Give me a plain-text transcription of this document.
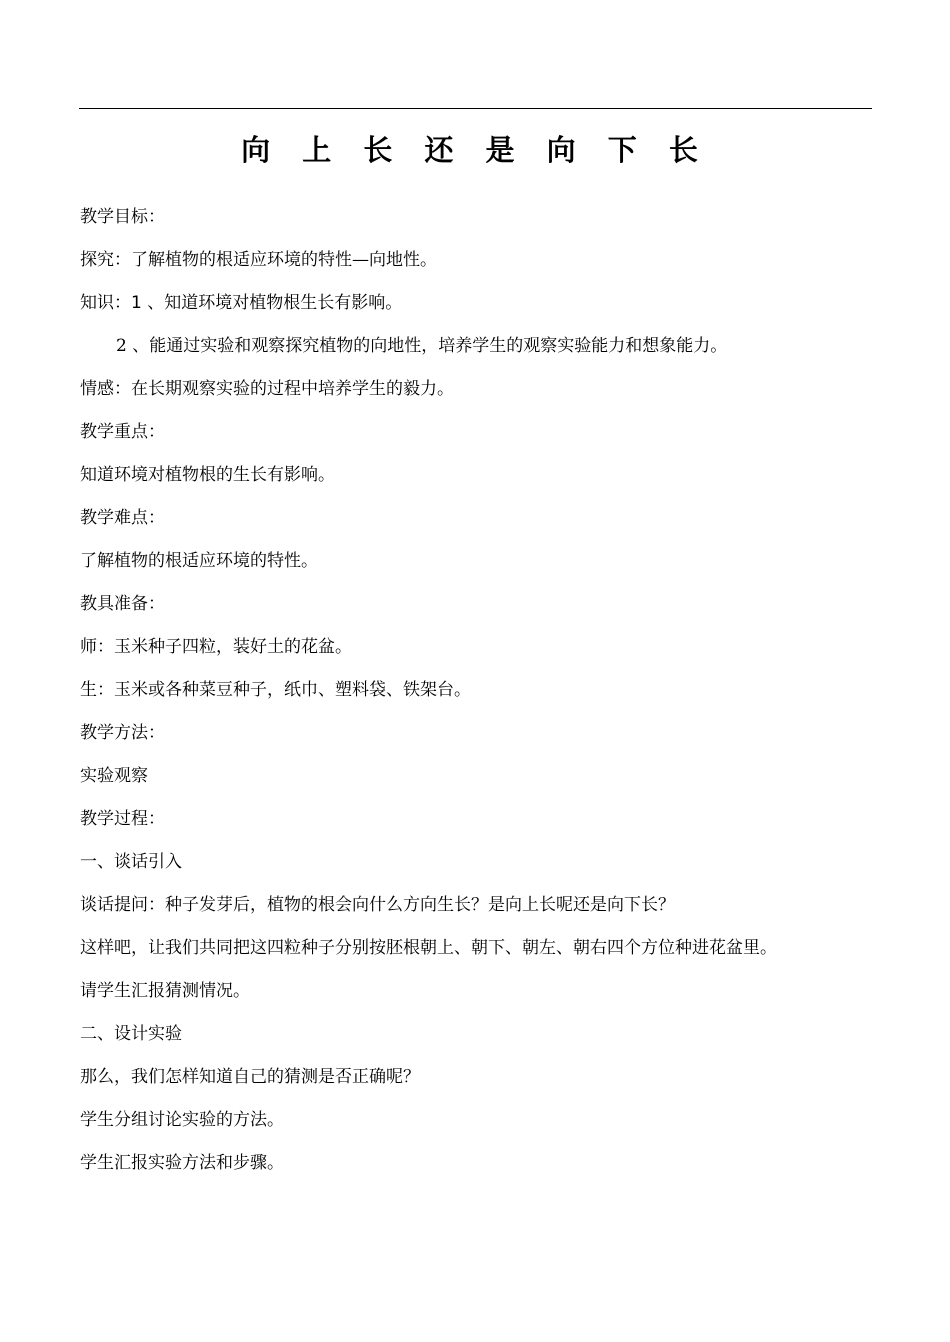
向 上 长 还 是 向 下 长
教学目标：
探究：了解植物的根适应环境的特性—向地性。
知识：1 、知道环境对植物根生长有影响。
2 、能通过实验和观察探究植物的向地性，培养学生的观察实验能力和想象能力。
情感：在长期观察实验的过程中培养学生的毅力。
教学重点：
知道环境对植物根的生长有影响。
教学难点：
了解植物的根适应环境的特性。
教具准备：
师：玉米种子四粒，装好土的花盆。
生：玉米或各种菜豆种子，纸巾、塑料袋、铁架台。
教学方法：
实验观察
教学过程：
一、谈话引入
谈话提问：种子发芽后，植物的根会向什么方向生长？是向上长呢还是向下长？
这样吧，让我们共同把这四粒种子分别按胚根朝上、朝下、朝左、朝右四个方位种进花盆里。
请学生汇报猜测情况。
二、设计实验
那么，我们怎样知道自己的猜测是否正确呢？
学生分组讨论实验的方法。
学生汇报实验方法和步骤。
